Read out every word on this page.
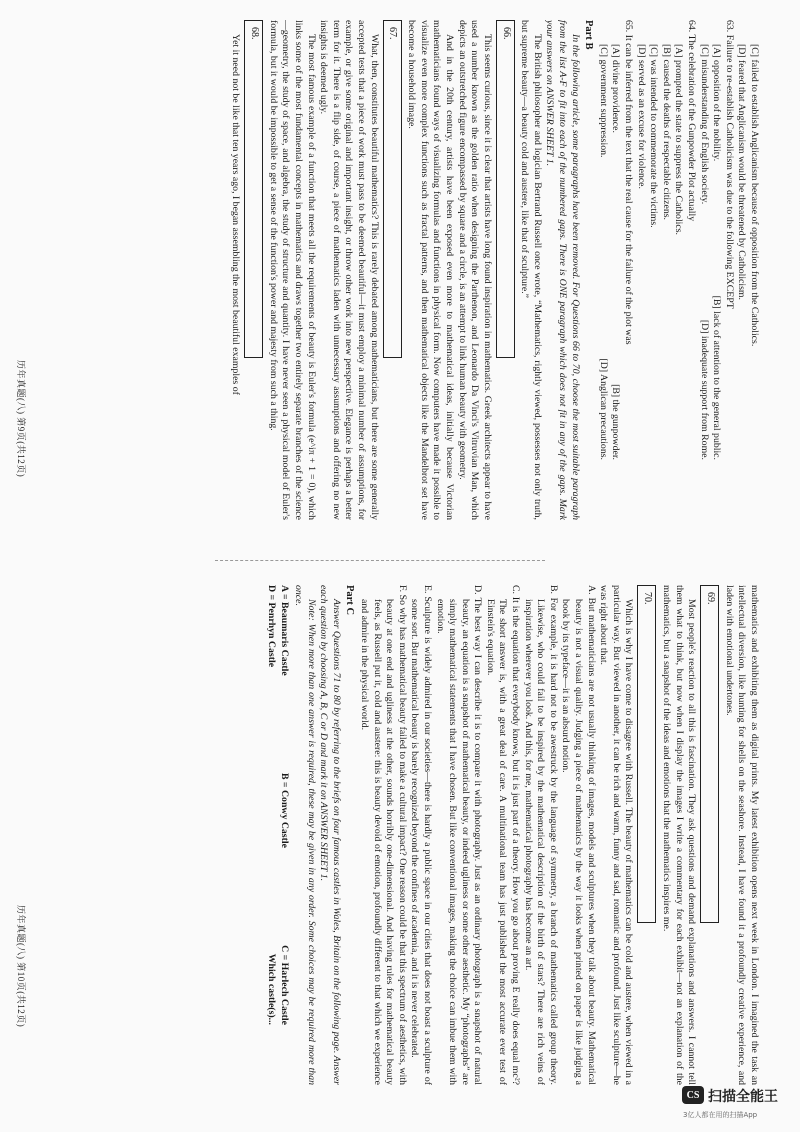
[C] failed to establish Anglicanism because of opposition from the Catholics.

[D] feared that Anglicanism would be threatened by Catholicism.

63. Failure to re-establish Catholicism was due to the following EXCEPT

[A] opposition of the nobility.
[B] lack of attention to the general public.
[C] misunderstanding of English society.
[D] inadequate support from Rome.

64. The celebration of the Gunpowder Plot actually

[A] prompted the state to suppress the Catholics.

[B] caused the deaths of respectable citizens.

[C] was intended to commemorate the victims.

[D] served as an excuse for violence.

65. It can be inferred from the text that the real cause for the failure of the plot was

[A] divine providence.
[B] the gunpowder.
[C] government suppression.
[D] Anglican precautions.

Part B

In the following article, some paragraphs have been removed. For Questions 66 to 70, choose the most suitable paragraph from the list A-F to fit into each of the numbered gaps. There is ONE paragraph which does not fit in any of the gaps. Mark your answers on ANSWER SHEET 1.

The British philosopher and logician Bertrand Russell once wrote, “Mathematics, rightly viewed, possesses not only truth, but supreme beauty—a beauty cold and austere, like that of sculpture.”

66.

This seems curious, since it is clear that artists have long found inspiration in mathematics. Greek architects appear to have used a number known as the golden ratio when designing the Parthenon, and Leonardo Da Vinci's Vitruvian Man, which depicts an outstretched figure encompassed by square and a circle, is an attempt to link human beauty with geometry.

And in the 20th century, artists have been exposed even more to mathematical ideas, initially because Victorian mathematicians found ways of visualizing formulas and functions in physical form. Now computers have made it possible to visualize even more complex functions such as fractal patterns, and then mathematical objects like the Mandelbrot set have become a household image.

67.

What, then, constitutes beautiful mathematics? This is rarely debated among mathematicians, but there are some generally accepted tests that a piece of work must pass to be deemed beautiful—it must employ a minimal number of assumptions, for example, or give some original and important insight, or throw other work into new perspective. Elegance is perhaps a better term for it. There is a flip side, of course, a piece of mathematics laden with unnecessary assumptions and offering no new insights is deemed ugly.

The most famous example of a function that meets all the requirements of beauty is Euler's formula (e^iπ + 1 = 0), which links some of the most fundamental concepts in mathematics and draws together two entirely separate branches of the science—geometry, the study of space, and algebra, the study of structure and quantity. I have never seen a physical model of Euler's formula, but it would be impossible to get a sense of the function's power and majesty from such a thing.

68.

Yet it need not be like that ten years ago, I began assembling the most beautiful examples of

mathematics and exhibiting them as digital prints. My latest exhibition opens next week in London. I imagined the task an intellectual diversion, like hunting for shells on the seashore. Instead, I have found it a profoundly creative experience, and laden with emotional undertones.

69.

Most people's reaction to all this is fascination. They ask questions and demand explanations and answers. I cannot tell them what to think, but now when I display the images I write a commentary for each exhibit—not an explanation of the mathematics, but a snapshot of the ideas and emotions that the mathematics inspires me.

70.

Which is why I have come to disagree with Russell. The beauty of mathematics can be cold and austere, when viewed in a particular way. But viewed in another, it can be rich and warm, funny and sad, romantic and profound. Just like sculpture—he was right about that.

A. But mathematicians are not usually thinking of images, models and sculptures when they talk about beauty. Mathematical beauty is not a visual quality. Judging a piece of mathematics by the way it looks when printed on paper is like judging a book by its typeface—it is an absurd notion.

B. For example, it is hard not to be awestruck by the language of symmetry, a branch of mathematics called group theory. Likewise, who could fail to be inspired by the mathematical description of the birth of stars? There are rich veins of inspiration wherever you look. And this, for me, mathematical photography has become an art.

C. It is the equation that everybody knows, but it is just part of a theory. How you go about proving E really does equal mc²? The short answer is, with a great deal of care. A multinational team has just published the most accurate ever test of Einstein's equation.

D. The best way I can describe it is to compare it with photography. Just as an ordinary photograph is a snapshot of natural beauty, an equation is a snapshot of mathematical beauty, or indeed ugliness or some other aesthetic. My “photographs” are simply mathematical statements that I have chosen. But like conventional images, making the choice can imbue them with emotion.

E. Sculpture is widely admired in our societies—there is hardly a public space in our cities that does not boast a sculpture of some sort. But mathematical beauty is barely recognized beyond the confines of academia, and it is never celebrated.

F. So why has mathematical beauty failed to make a cultural impact? One reason could be that this spectrum of aesthetics, with beauty at one end and ugliness at the other, sounds horribly one-dimensional. And having rules for mathematical beauty feels, as Russell put it, cold and austere: this is beauty devoid of emotion, profoundly different to that which we experience and admire in the physical world.

Part C

Answer Questions 71 to 80 by referring to the briefs on four famous castles in Wales, Britain on the following page. Answer each question by choosing A, B, C or D and mark it on ANSWER SHEET 1.

Note: When more than one answer is required, these may be given in any order. Some choices may be required more than once.

A = Beaumaris Castle
B = Conwy Castle
C = Harlech Castle
D = Penrhyn Castle
Which castle(s)...
历年真题(八) 第9页(共12页)
历年真题(八) 第10页(共12页)
CS 扫描全能王
3亿人都在用的扫描App
